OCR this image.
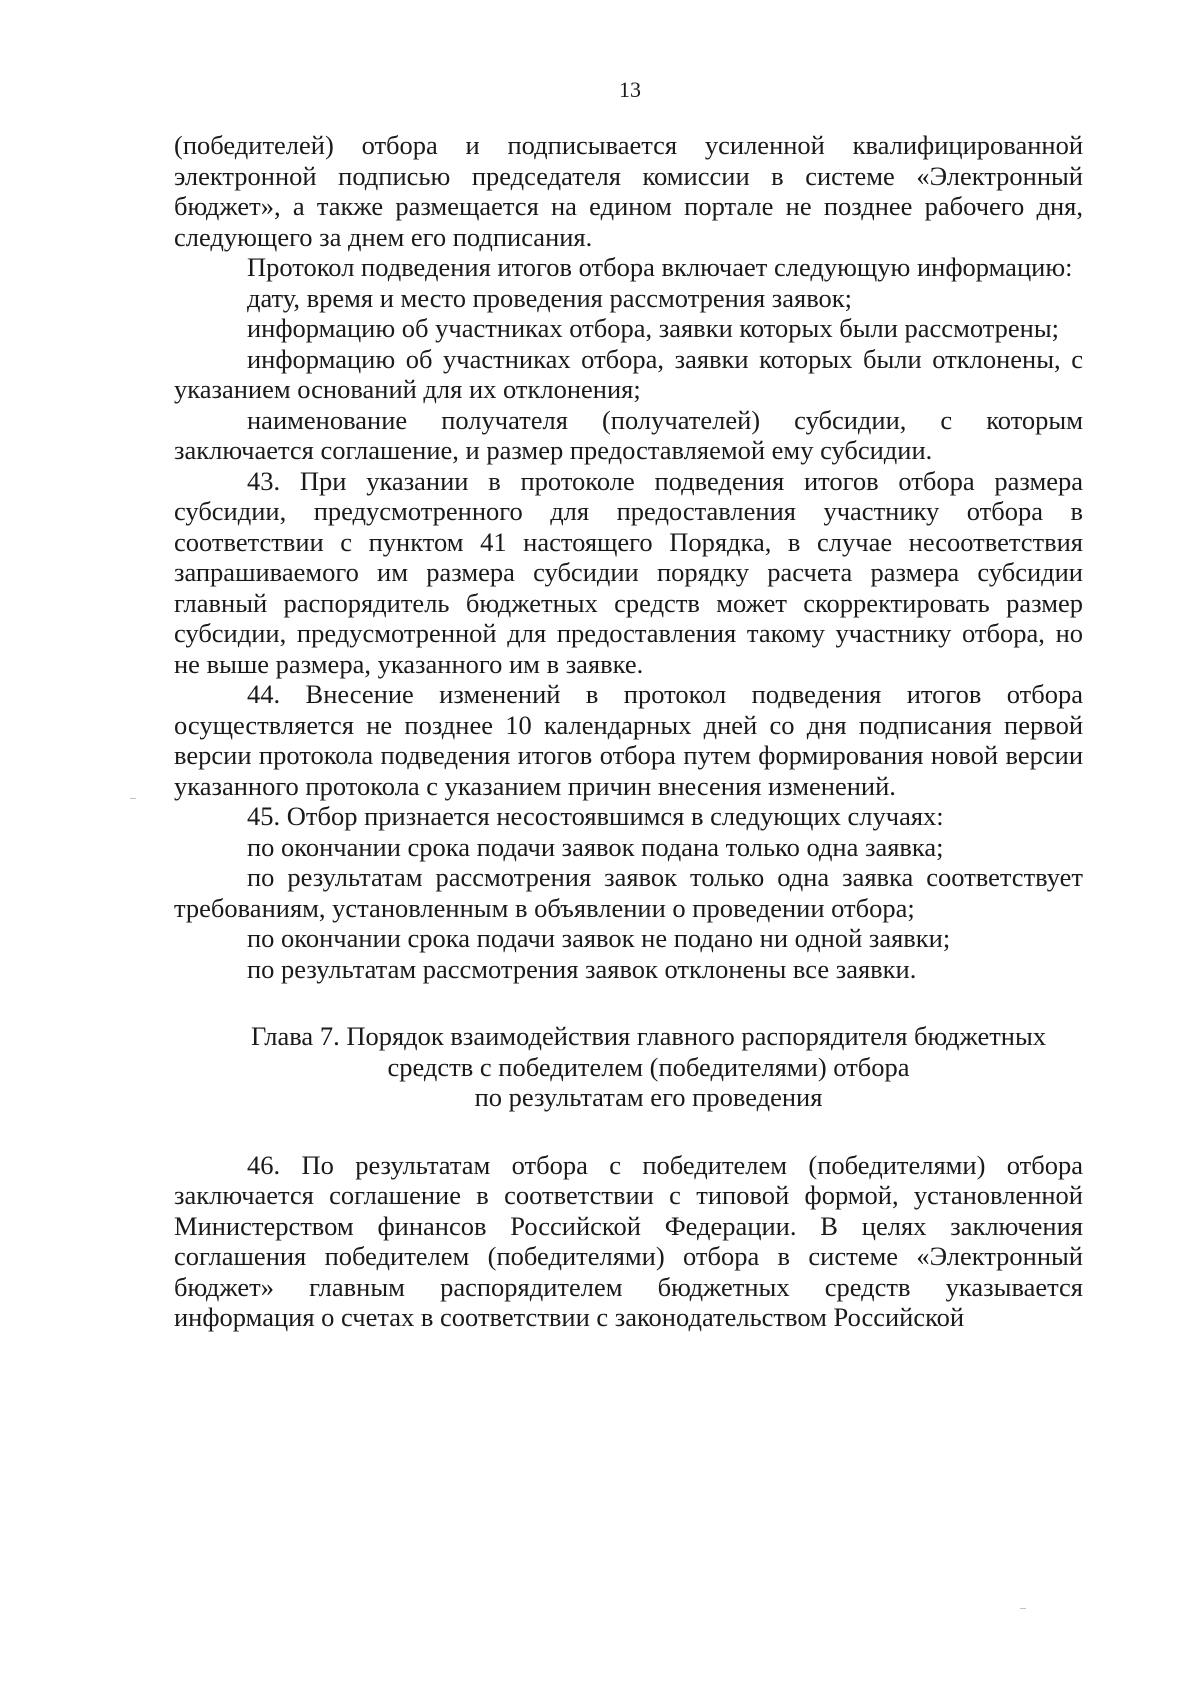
13

(победителей) отбора и подписывается усиленной квалифицированной электронной подписью председателя комиссии в системе «Электронный бюджет», а также размещается на едином портале не позднее рабочего дня, следующего за днем его подписания.

Протокол подведения итогов отбора включает следующую информацию:

дату, время и место проведения рассмотрения заявок;

информацию об участниках отбора, заявки которых были рассмотрены;

информацию об участниках отбора, заявки которых были отклонены, с указанием оснований для их отклонения;

наименование получателя (получателей) субсидии, с которым заключается соглашение, и размер предоставляемой ему субсидии.

43. При указании в протоколе подведения итогов отбора размера субсидии, предусмотренного для предоставления участнику отбора в соответствии с пунктом 41 настоящего Порядка, в случае несоответствия запрашиваемого им размера субсидии порядку расчета размера субсидии главный распорядитель бюджетных средств может скорректировать размер субсидии, предусмотренной для предоставления такому участнику отбора, но не выше размера, указанного им в заявке.

44. Внесение изменений в протокол подведения итогов отбора осуществляется не позднее 10 календарных дней со дня подписания первой версии протокола подведения итогов отбора путем формирования новой версии указанного протокола с указанием причин внесения изменений.

45. Отбор признается несостоявшимся в следующих случаях:

по окончании срока подачи заявок подана только одна заявка;

по результатам рассмотрения заявок только одна заявка соответствует требованиям, установленным в объявлении о проведении отбора;

по окончании срока подачи заявок не подано ни одной заявки;

по результатам рассмотрения заявок отклонены все заявки.

Глава 7. Порядок взаимодействия главного распорядителя бюджетных
средств с победителем (победителями) отбора
по результатам его проведения

46. По результатам отбора с победителем (победителями) отбора заключается соглашение в соответствии с типовой формой, установленной Министерством финансов Российской Федерации. В целях заключения соглашения победителем (победителями) отбора в системе «Электронный бюджет» главным распорядителем бюджетных средств указывается информация о счетах в соответствии с законодательством Российской
